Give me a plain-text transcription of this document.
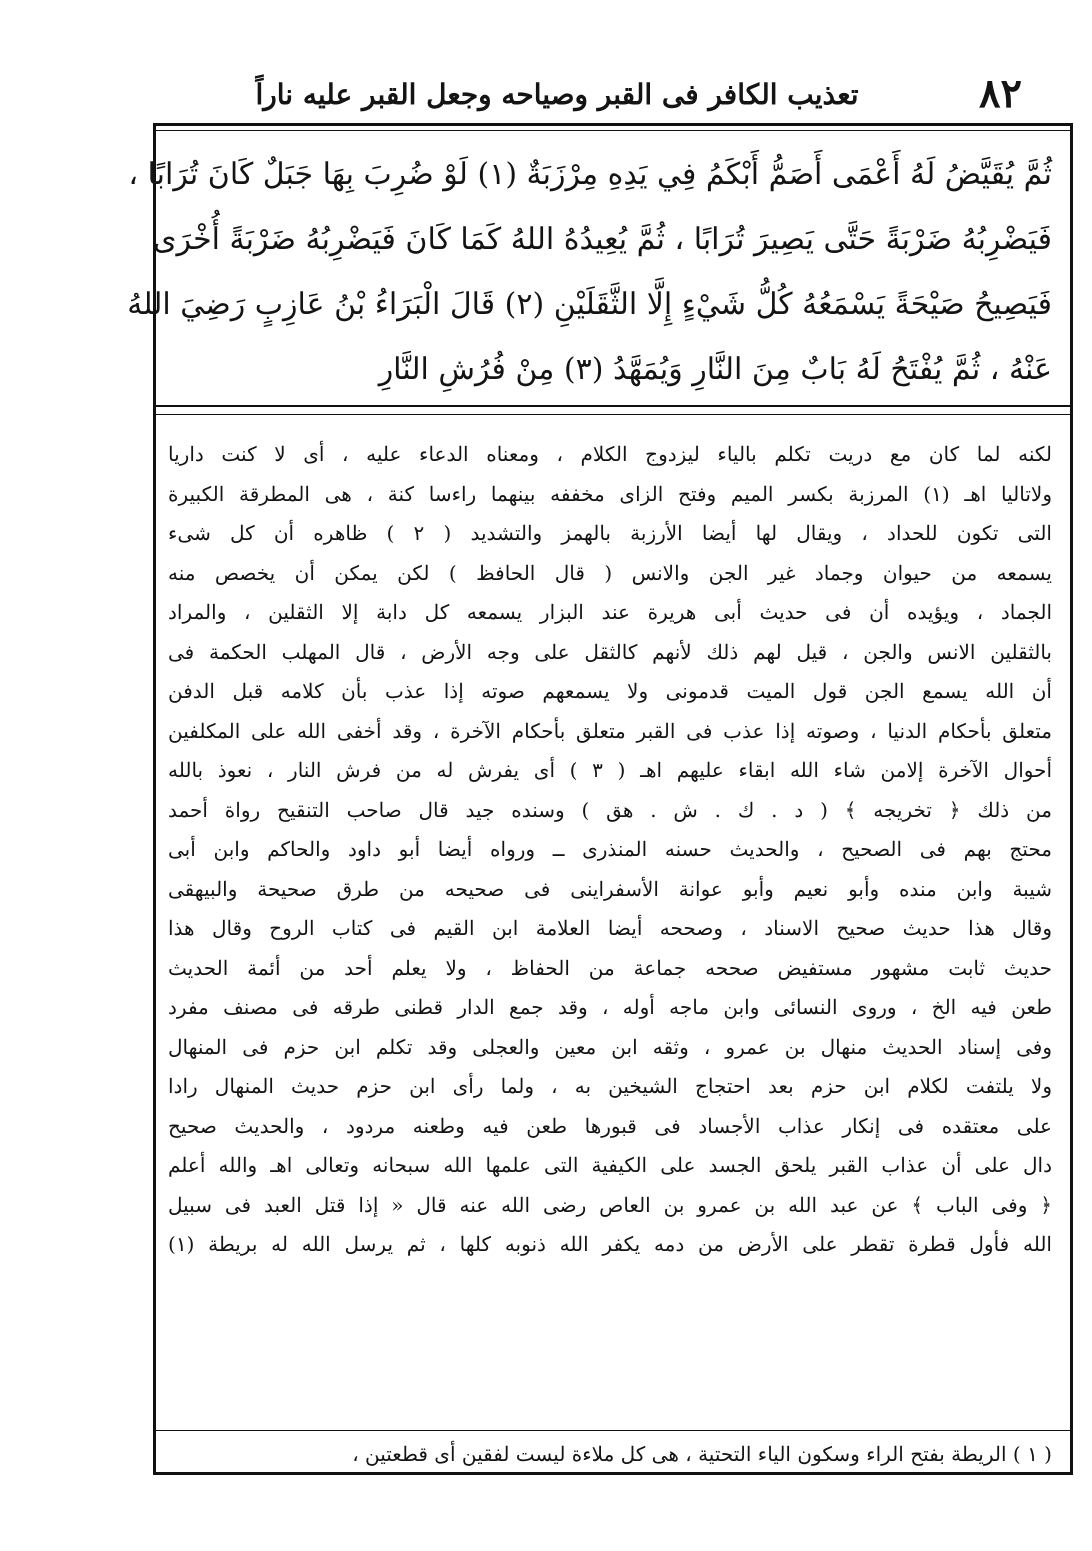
٨٢
تعذيب الكافر فى القبر وصياحه وجعل القبر عليه ناراً
ثُمَّ يُقَيَّضُ لَهُ أَعْمَى أَصَمُّ أَبْكَمُ فِي يَدِهِ مِرْزَبَةٌ (١) لَوْ ضُرِبَ بِهَا جَبَلٌ كَانَ تُرَابًا ،
فَيَضْرِبُهُ ضَرْبَةً حَتَّى يَصِيرَ تُرَابًا ، ثُمَّ يُعِيدُهُ اللهُ كَمَا كَانَ فَيَضْرِبُهُ ضَرْبَةً أُخْرَى
فَيَصِيحُ صَيْحَةً يَسْمَعُهُ كُلُّ شَيْءٍ إِلَّا الثَّقَلَيْنِ (٢) قَالَ الْبَرَاءُ بْنُ عَازِبٍ رَضِيَ اللهُ
عَنْهُ ، ثُمَّ يُفْتَحُ لَهُ بَابٌ مِنَ النَّارِ وَيُمَهَّدُ (٣) مِنْ فُرُشِ النَّارِ
لكنه لما كان مع دريت تكلم بالياء ليزدوج الكلام ، ومعناه الدعاء عليه ، أى لا كنت داريا
ولاتاليا اهـ (١) المرزبة بكسر الميم وفتح الزاى مخففه بينهما راءسا كنة ، هى المطرقة الكبيرة
التى تكون للحداد ، ويقال لها أيضا الأرزبة بالهمز والتشديد ( ٢ ) ظاهره أن كل شىء
يسمعه من حيوان وجماد غير الجن والانس ( قال الحافظ ) لكن يمكن أن يخصص منه
الجماد ، ويؤيده أن فى حديث أبى هريرة عند البزار يسمعه كل دابة إلا الثقلين ، والمراد
بالثقلين الانس والجن ، قيل لهم ذلك لأنهم كالثقل على وجه الأرض ، قال المهلب الحكمة فى
أن الله يسمع الجن قول الميت قدمونى ولا يسمعهم صوته إذا عذب بأن كلامه قبل الدفن
متعلق بأحكام الدنيا ، وصوته إذا عذب فى القبر متعلق بأحكام الآخرة ، وقد أخفى الله على المكلفين
أحوال الآخرة إلامن شاء الله ابقاء عليهم اهـ ( ٣ ) أى يفرش له من فرش النار ، نعوذ بالله
من ذلك ﴿ تخريجه ﴾ ( د . ك . ش . هق ) وسنده جيد قال صاحب التنقيح رواة أحمد
محتج بهم فى الصحيح ، والحديث حسنه المنذرى ــ ورواه أيضا أبو داود والحاكم وابن أبى
شيبة وابن منده وأبو نعيم وأبو عوانة الأسفراينى فى صحيحه من طرق صحيحة والبيهقى
وقال هذا حديث صحيح الاسناد ، وصححه أيضا العلامة ابن القيم فى كتاب الروح وقال هذا
حديث ثابت مشهور مستفيض صححه جماعة من الحفاظ ، ولا يعلم أحد من أئمة الحديث
طعن فيه الخ ، وروى النسائى وابن ماجه أوله ، وقد جمع الدار قطنى طرقه فى مصنف مفرد
وفى إسناد الحديث منهال بن عمرو ، وثقه ابن معين والعجلى وقد تكلم ابن حزم فى المنهال
ولا يلتفت لكلام ابن حزم بعد احتجاج الشيخين به ، ولما رأى ابن حزم حديث المنهال رادا
على معتقده فى إنكار عذاب الأجساد فى قبورها طعن فيه وطعنه مردود ، والحديث صحيح
دال على أن عذاب القبر يلحق الجسد على الكيفية التى علمها الله سبحانه وتعالى اهـ والله أعلم
﴿ وفى الباب ﴾ عن عبد الله بن عمرو بن العاص رضى الله عنه قال « إذا قتل العبد فى سبيل
الله فأول قطرة تقطر على الأرض من دمه يكفر الله ذنوبه كلها ، ثم يرسل الله له بريطة (١)
( ١ ) الريطة بفتح الراء وسكون الياء التحتية ، هى كل ملاءة ليست لفقين أى قطعتين ،
